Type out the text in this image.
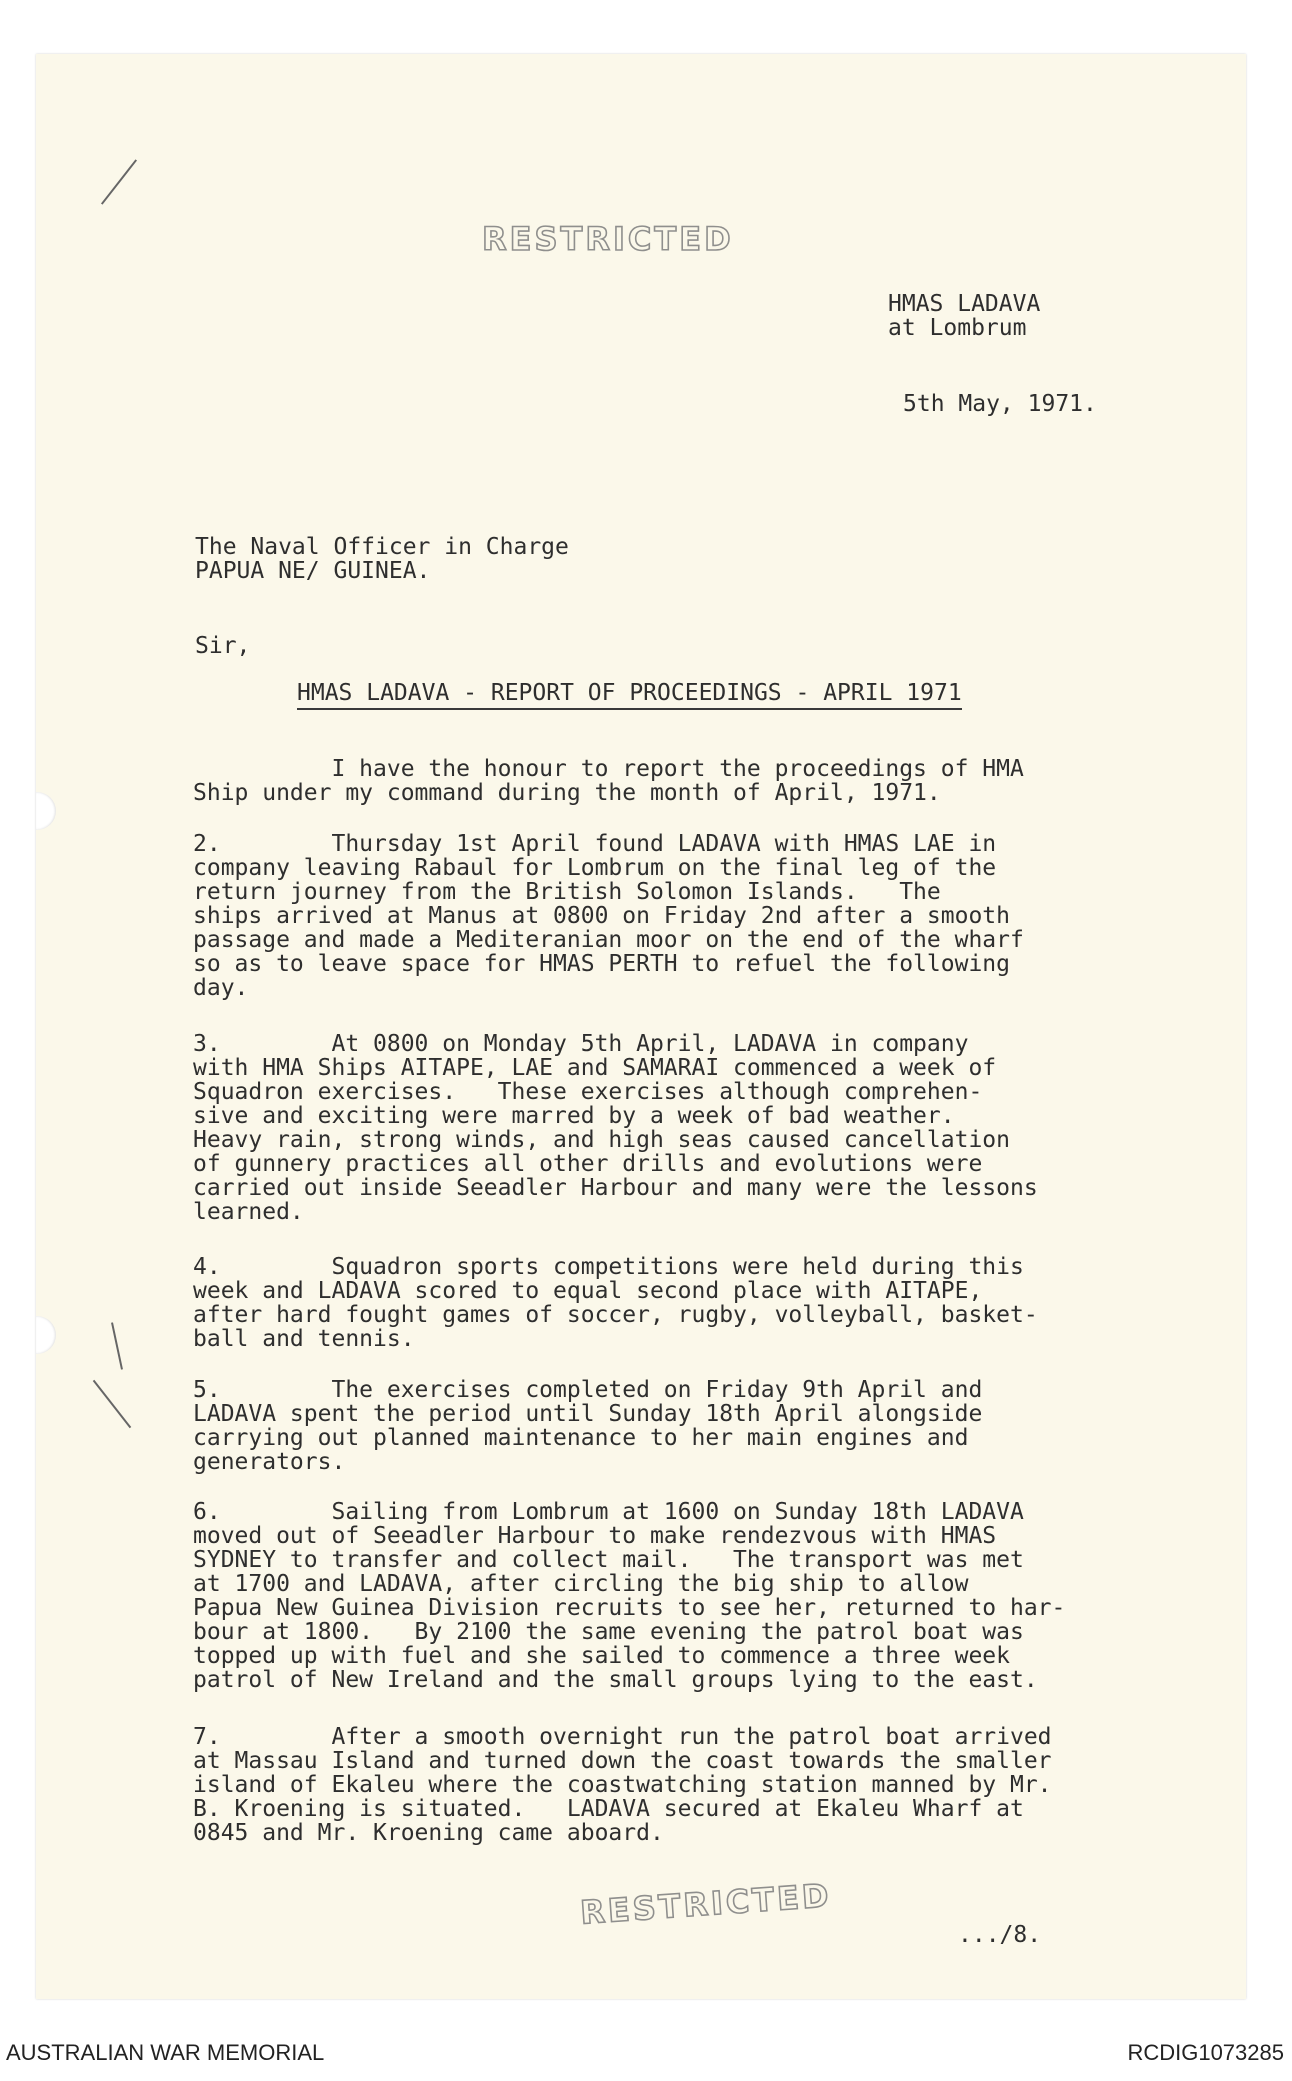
RESTRICTED

HMAS LADAVA

at Lombrum

5th May, 1971.

The Naval Officer in Charge

PAPUA NE/ GUINEA.

Sir,

HMAS LADAVA - REPORT OF PROCEEDINGS - APRIL 1971

I have the honour to report the proceedings of HMA
Ship under my command during the month of April, 1971.

2.        Thursday 1st April found LADAVA with HMAS LAE in
company leaving Rabaul for Lombrum on the final leg of the
return journey from the British Solomon Islands.   The
ships arrived at Manus at 0800 on Friday 2nd after a smooth
passage and made a Mediteranian moor on the end of the wharf
so as to leave space for HMAS PERTH to refuel the following
day.

3.        At 0800 on Monday 5th April, LADAVA in company
with HMA Ships AITAPE, LAE and SAMARAI commenced a week of
Squadron exercises.   These exercises although comprehen-
sive and exciting were marred by a week of bad weather.
Heavy rain, strong winds, and high seas caused cancellation
of gunnery practices all other drills and evolutions were
carried out inside Seeadler Harbour and many were the lessons
learned.

4.        Squadron sports competitions were held during this
week and LADAVA scored to equal second place with AITAPE,
after hard fought games of soccer, rugby, volleyball, basket-
ball and tennis.

5.        The exercises completed on Friday 9th April and
LADAVA spent the period until Sunday 18th April alongside
carrying out planned maintenance to her main engines and
generators.

6.        Sailing from Lombrum at 1600 on Sunday 18th LADAVA
moved out of Seeadler Harbour to make rendezvous with HMAS
SYDNEY to transfer and collect mail.   The transport was met
at 1700 and LADAVA, after circling the big ship to allow
Papua New Guinea Division recruits to see her, returned to har-
bour at 1800.   By 2100 the same evening the patrol boat was
topped up with fuel and she sailed to commence a three week
patrol of New Ireland and the small groups lying to the east.

7.        After a smooth overnight run the patrol boat arrived
at Massau Island and turned down the coast towards the smaller
island of Ekaleu where the coastwatching station manned by Mr.
B. Kroening is situated.   LADAVA secured at Ekaleu Wharf at
0845 and Mr. Kroening came aboard.

RESTRICTED

.../8.

AUSTRALIAN WAR MEMORIAL	RCDIG1073285
